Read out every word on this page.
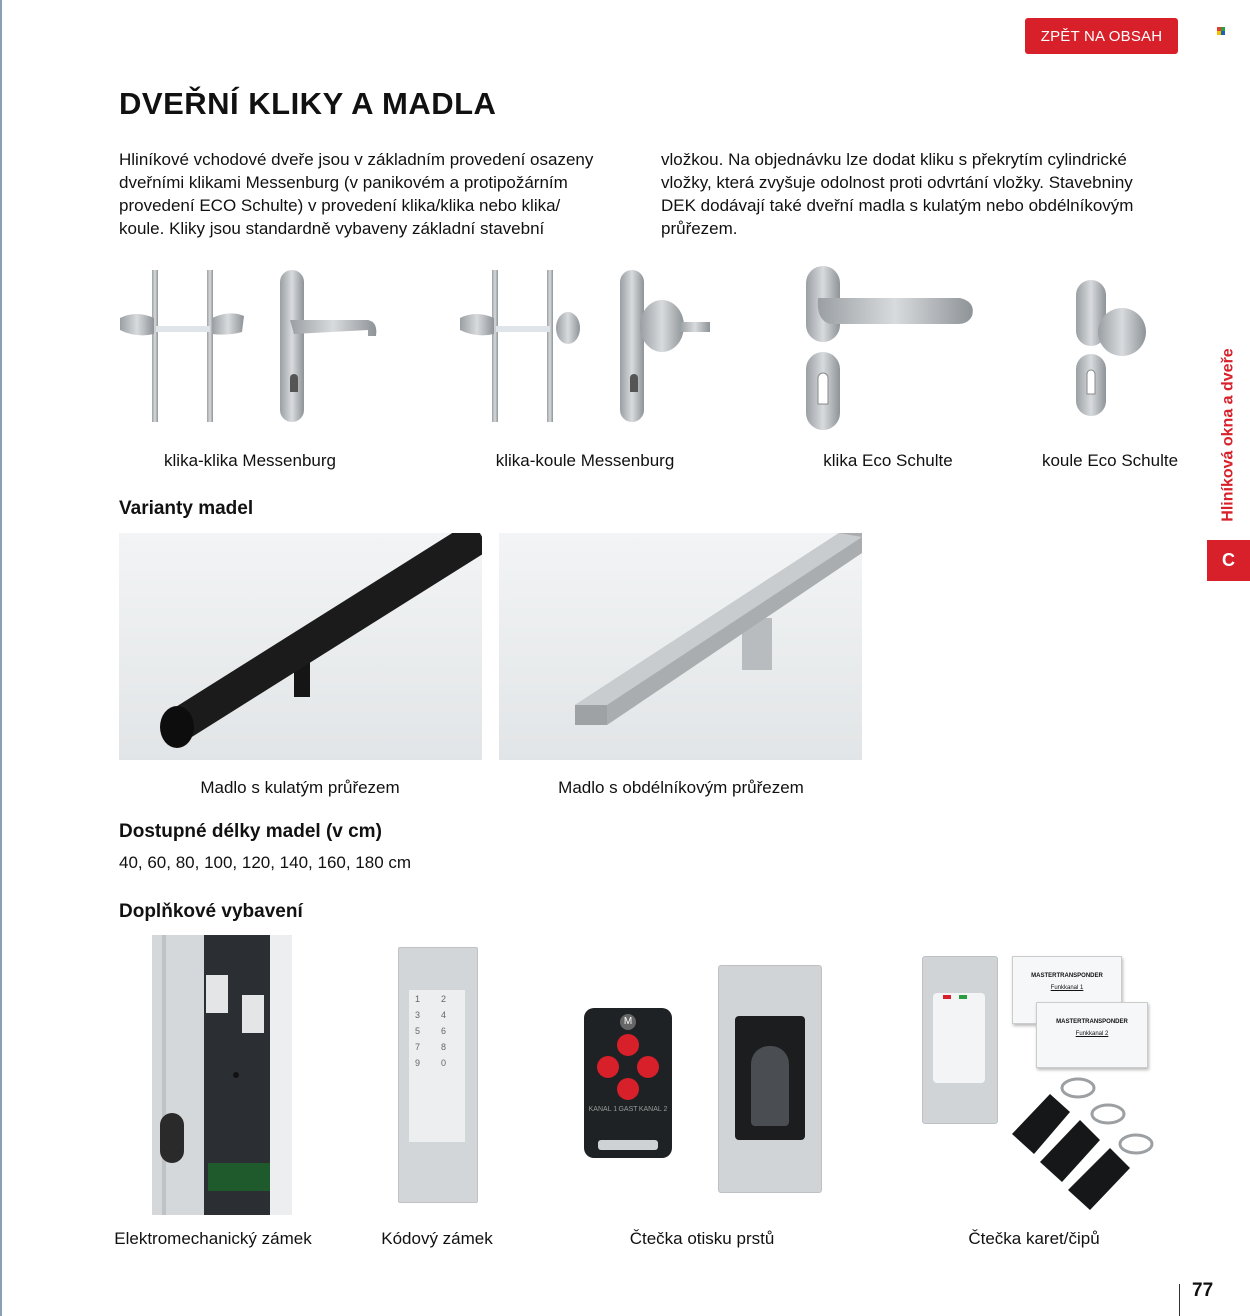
ZPĚT NA OBSAH
DVEŘNÍ KLIKY A MADLA
Hliníkové vchodové dveře jsou v základním provedení osazeny
dveřními klikami Messenburg (v panikovém a protipožárním
provedení ECO Schulte) v provedení klika/klika nebo klika/
koule. Kliky jsou standardně vybaveny základní stavební
vložkou. Na objednávku lze dodat kliku s překrytím cylindrické
vložky, která zvyšuje odolnost proti odvrtání vložky. Stavebniny
DEK dodávají také dveřní madla s kulatým nebo obdélníkovým
průřezem.
klika-klika Messenburg	klika-koule Messenburg	klika Eco Schulte	koule Eco Schulte
Varianty madel
Madlo s kulatým průřezem	Madlo s obdélníkovým průřezem
Dostupné délky madel (v cm)
40, 60, 80, 100, 120, 140, 160, 180 cm
Doplňkové vybavení
1	2
3	4
5	6
7	8
9	0
M
KANAL 1 GAST KANAL 2
MASTERTRANSPONDER
Funkkanal 1
MASTERTRANSPONDER
Funkkanal 2
Elektromechanický zámek	Kódový zámek	Čtečka otisku prstů	Čtečka karet/čipů
Hliníková okna a dveře
C
77
